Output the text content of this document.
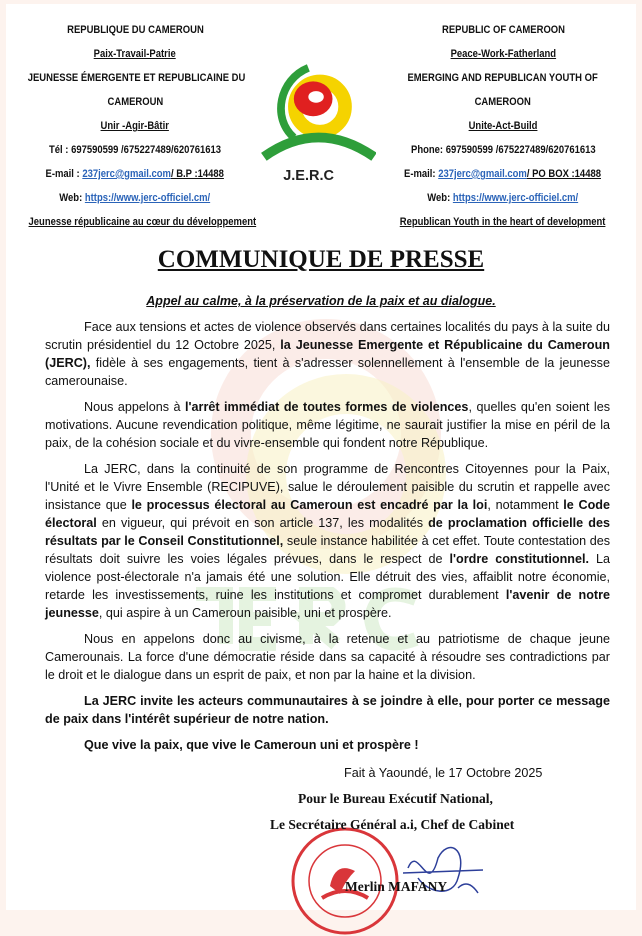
REPUBLIQUE DU CAMEROUN
Paix-Travail-Patrie
JEUNESSE ÉMERGENTE ET REPUBLICAINE DU
CAMEROUN
Unir -Agir-Bâtir
Tél : 697590599 /675227489/620761613
E-mail : 237jerc@gmail.com/ B.P :14488
Web: https://www.jerc-officiel.cm/
Jeunesse républicaine au cœur du développement
J.E.R.C
REPUBLIC OF CAMEROON
Peace-Work-Fatherland
EMERGING AND REPUBLICAN YOUTH OF
CAMEROON
Unite-Act-Build
Phone: 697590599 /675227489/620761613
E-mail: 237jerc@gmail.com/ PO BOX :14488
Web: https://www.jerc-officiel.cm/
Republican Youth in the heart of development
COMMUNIQUE DE PRESSE
Appel au calme, à la préservation de la paix et au dialogue.

Face aux tensions et actes de violence observés dans certaines localités du pays à la suite du scrutin présidentiel du 12 Octobre 2025, la Jeunesse Emergente et Républicaine du Cameroun (JERC), fidèle à ses engagements, tient à s'adresser solennellement à l'ensemble de la jeunesse camerounaise.

Nous appelons à l'arrêt immédiat de toutes formes de violences, quelles qu'en soient les motivations. Aucune revendication politique, même légitime, ne saurait justifier la mise en péril de la paix, de la cohésion sociale et du vivre-ensemble qui fondent notre République.

La JERC, dans la continuité de son programme de Rencontres Citoyennes pour la Paix, l'Unité et le Vivre Ensemble (RECIPUVE), salue le déroulement paisible du scrutin et rappelle avec insistance que le processus électoral au Cameroun est encadré par la loi, notamment le Code électoral en vigueur, qui prévoit en son article 137, les modalités de proclamation officielle des résultats par le Conseil Constitutionnel, seule instance habilitée à cet effet. Toute contestation des résultats doit suivre les voies légales prévues, dans le respect de l'ordre constitutionnel. La violence post-électorale n'a jamais été une solution. Elle détruit des vies, affaiblit notre économie, retarde les investissements, ruine les institutions et compromet durablement l'avenir de notre jeunesse, qui aspire à un Cameroun paisible, uni et prospère.

Nous en appelons donc au civisme, à la retenue et au patriotisme de chaque jeune Camerounais. La force d'une démocratie réside dans sa capacité à résoudre ses contradictions par le droit et le dialogue dans un esprit de paix, et non par la haine et la division.

La JERC invite les acteurs communautaires à se joindre à elle, pour porter ce message de paix dans l'intérêt supérieur de notre nation.

Que vive la paix, que vive le Cameroun uni et prospère !

Fait à Yaoundé, le 17 Octobre 2025
Pour le Bureau Exécutif National,
Le Secrétaire Général a.i, Chef de Cabinet
Merlin MAFANY
